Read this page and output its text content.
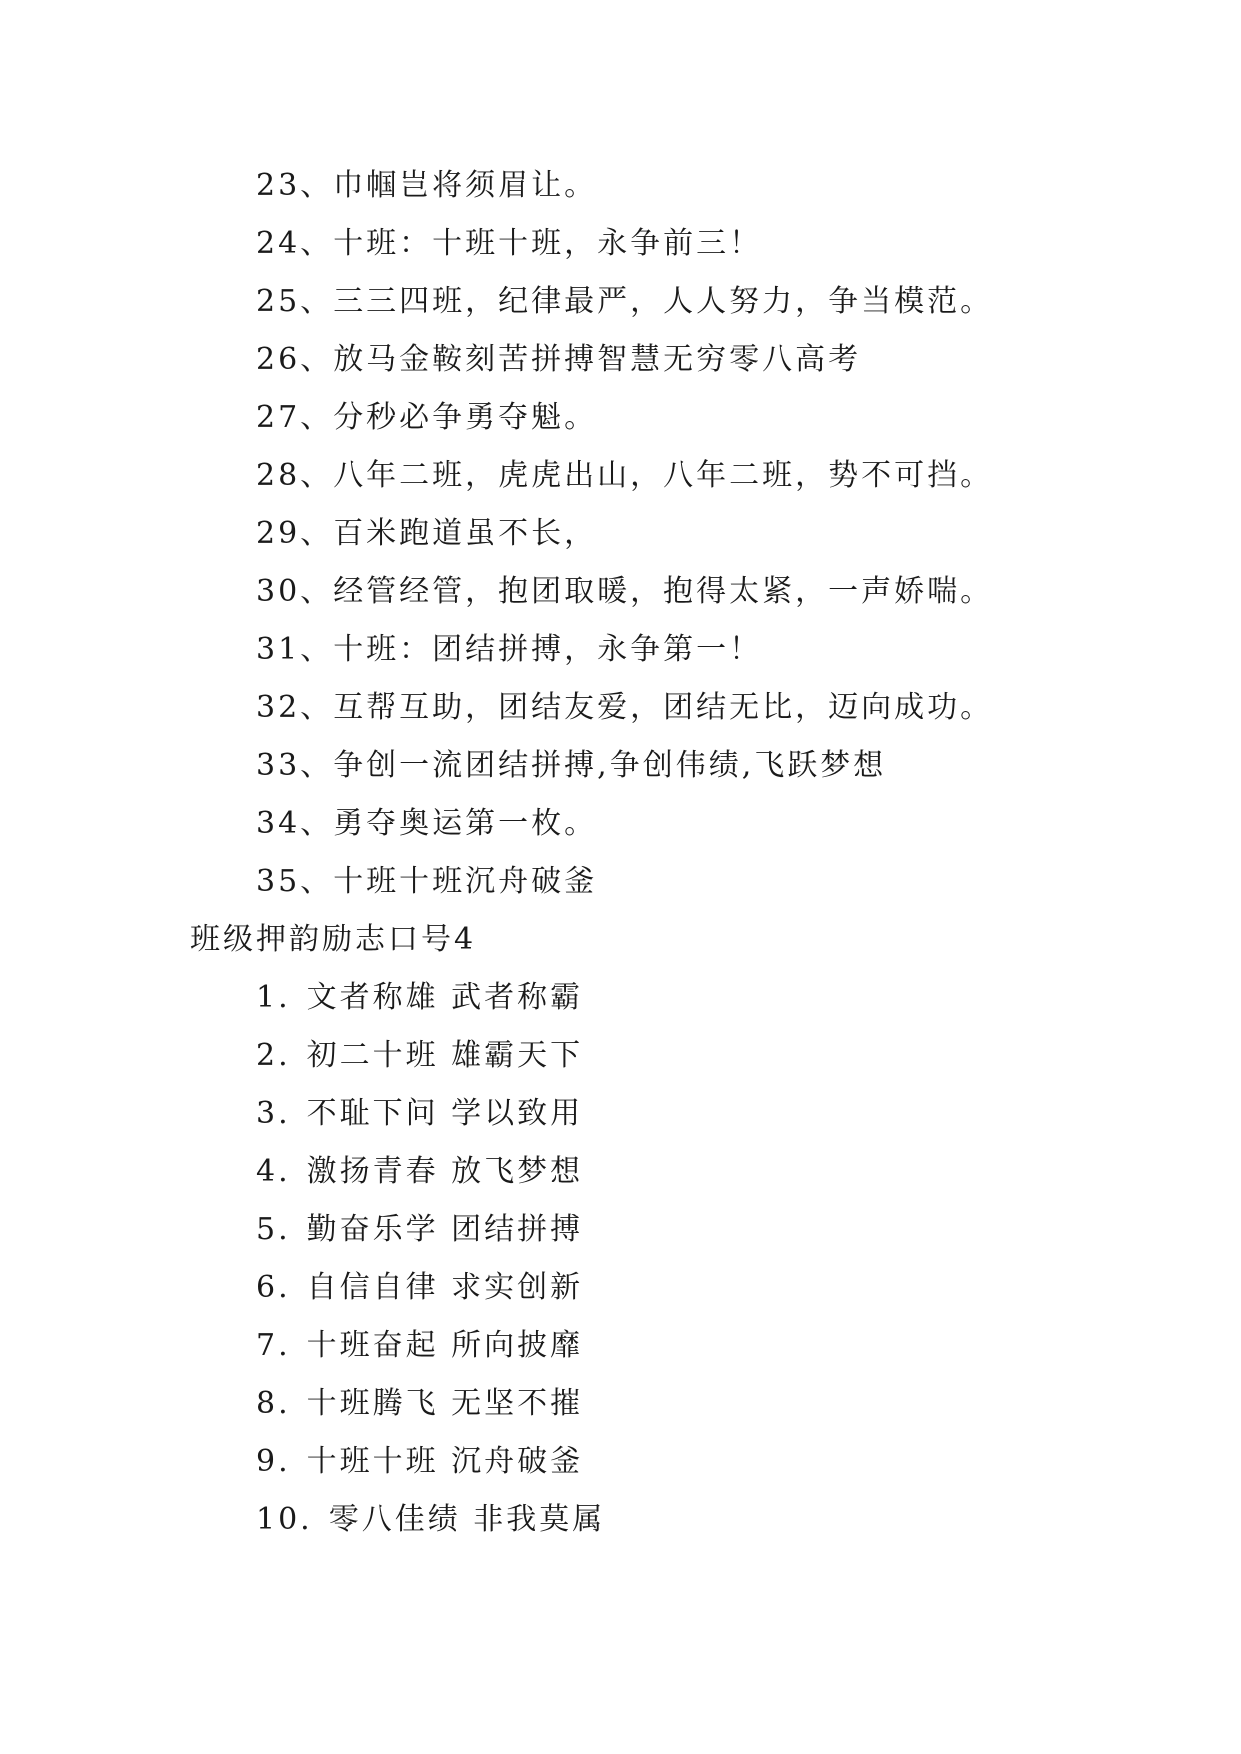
23、巾帼岂将须眉让。
24、十班：十班十班，永争前三！
25、三三四班，纪律最严，人人努力，争当模范。
26、放马金鞍刻苦拼搏智慧无穷零八高考
27、分秒必争勇夺魁。
28、八年二班，虎虎出山，八年二班，势不可挡。
29、百米跑道虽不长，
30、经管经管，抱团取暖，抱得太紧，一声娇喘。
31、十班：团结拼搏，永争第一！
32、互帮互助，团结友爱，团结无比，迈向成功。
33、争创一流团结拼搏,争创伟绩,飞跃梦想
34、勇夺奥运第一枚。
35、十班十班沉舟破釜
班级押韵励志口号4
1. 文者称雄 武者称霸
2. 初二十班 雄霸天下
3. 不耻下问 学以致用
4. 激扬青春 放飞梦想
5. 勤奋乐学 团结拼搏
6. 自信自律 求实创新
7. 十班奋起 所向披靡
8. 十班腾飞 无坚不摧
9. 十班十班 沉舟破釜
10. 零八佳绩 非我莫属
